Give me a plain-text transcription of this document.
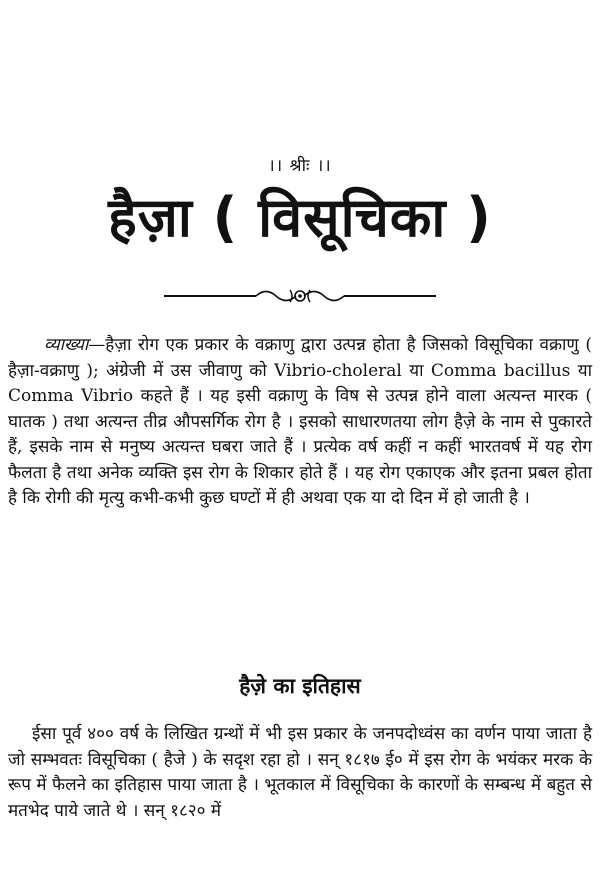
।। श्रीः ।।
हैज़ा ( विसूचिका )
व्याख्या—हैज़ा रोग एक प्रकार के वक्राणु द्वारा उत्पन्न होता है जिसको विसूचिका वक्राणु ( हैज़ा-वक्राणु ); अंग्रेजी में उस जीवाणु को Vibrio-choleral या Comma bacillus या Comma Vibrio कहते हैं । यह इसी वक्राणु के विष से उत्पन्न होने वाला अत्यन्त मारक ( घातक ) तथा अत्यन्त तीव्र औपसर्गिक रोग है । इसको साधारणतया लोग हैज़े के नाम से पुकारते हैं, इसके नाम से मनुष्य अत्यन्त घबरा जाते हैं । प्रत्येक वर्ष कहीं न कहीं भारतवर्ष में यह रोग फैलता है तथा अनेक व्यक्ति इस रोग के शिकार होते हैं । यह रोग एकाएक और इतना प्रबल होता है कि रोगी की मृत्यु कभी-कभी कुछ घण्टों में ही अथवा एक या दो दिन में हो जाती है ।
हैज़े का इतिहास
ईसा पूर्व ४०० वर्ष के लिखित ग्रन्थों में भी इस प्रकार के जनपदोध्वंस का वर्णन पाया जाता है जो सम्भवतः विसूचिका ( हैजे ) के सदृश रहा हो । सन् १८१७ ई० में इस रोग के भयंकर मरक के रूप में फैलने का इतिहास पाया जाता है । भूतकाल में विसूचिका के कारणों के सम्बन्ध में बहुत से मतभेद पाये जाते थे । सन् १८२० में
